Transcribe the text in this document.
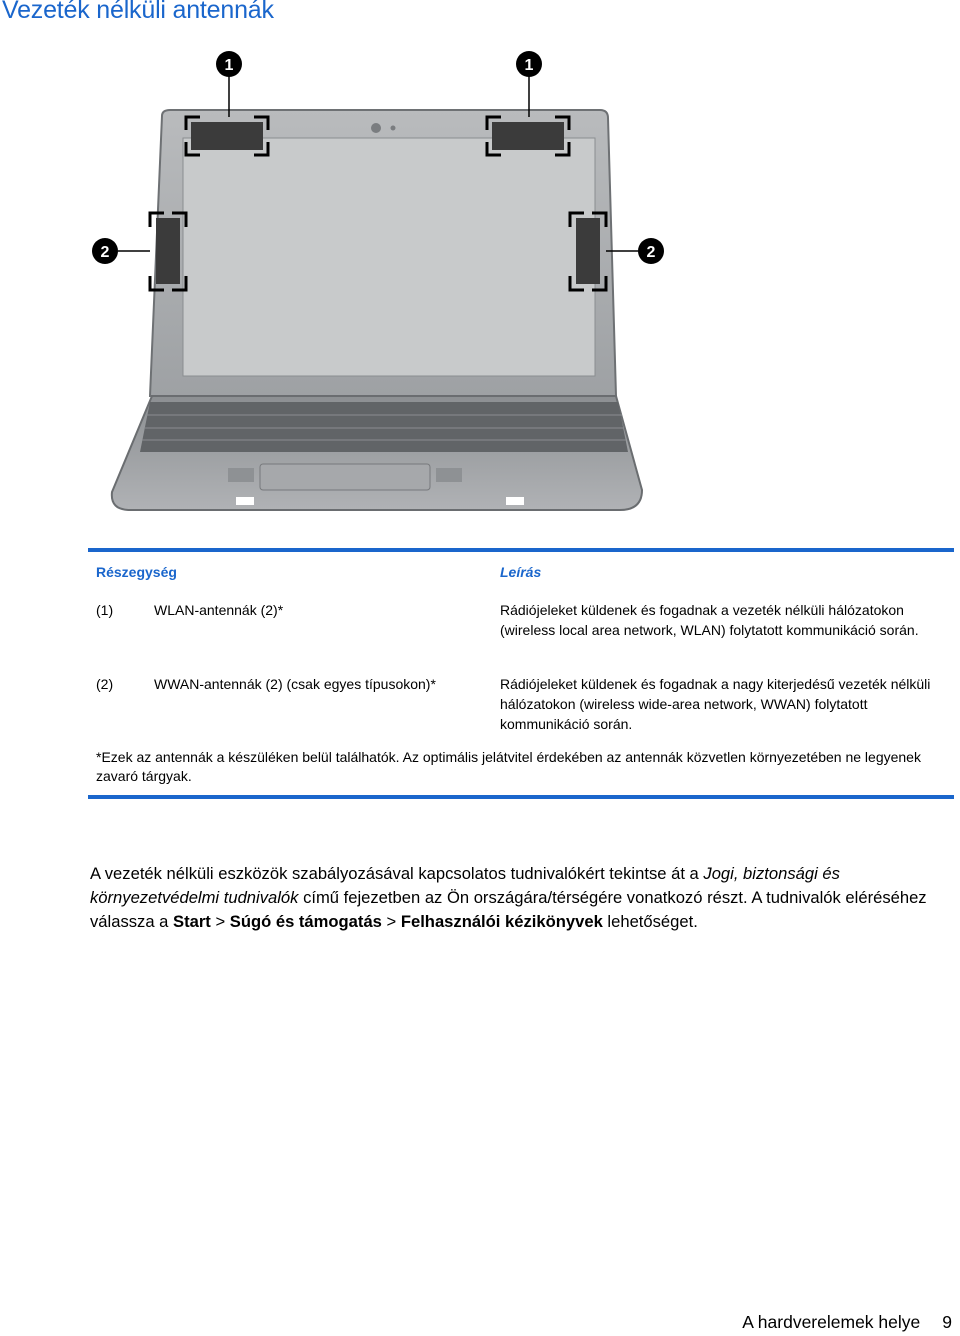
Vezeték nélküli antennák
1	1
2	2
Részegység	Leírás
(1)	WLAN-antennák (2)*	Rádiójeleket küldenek és fogadnak a vezeték nélküli hálózatokon (wireless local area network, WLAN) folytatott kommunikáció során.
(2)	WWAN-antennák (2) (csak egyes típusokon)*	Rádiójeleket küldenek és fogadnak a nagy kiterjedésű vezeték nélküli hálózatokon (wireless wide-area network, WWAN) folytatott kommunikáció során.
*Ezek az antennák a készüléken belül találhatók. Az optimális jelátvitel érdekében az antennák közvetlen környezetében ne legyenek zavaró tárgyak.

A vezeték nélküli eszközök szabályozásával kapcsolatos tudnivalókért tekintse át a Jogi, biztonsági és környezetvédelmi tudnivalók című fejezetben az Ön országára/térségére vonatkozó részt. A tudnivalók eléréséhez válassza a Start > Súgó és támogatás > Felhasználói kézikönyvek lehetőséget.

A hardverelemek helye 9
